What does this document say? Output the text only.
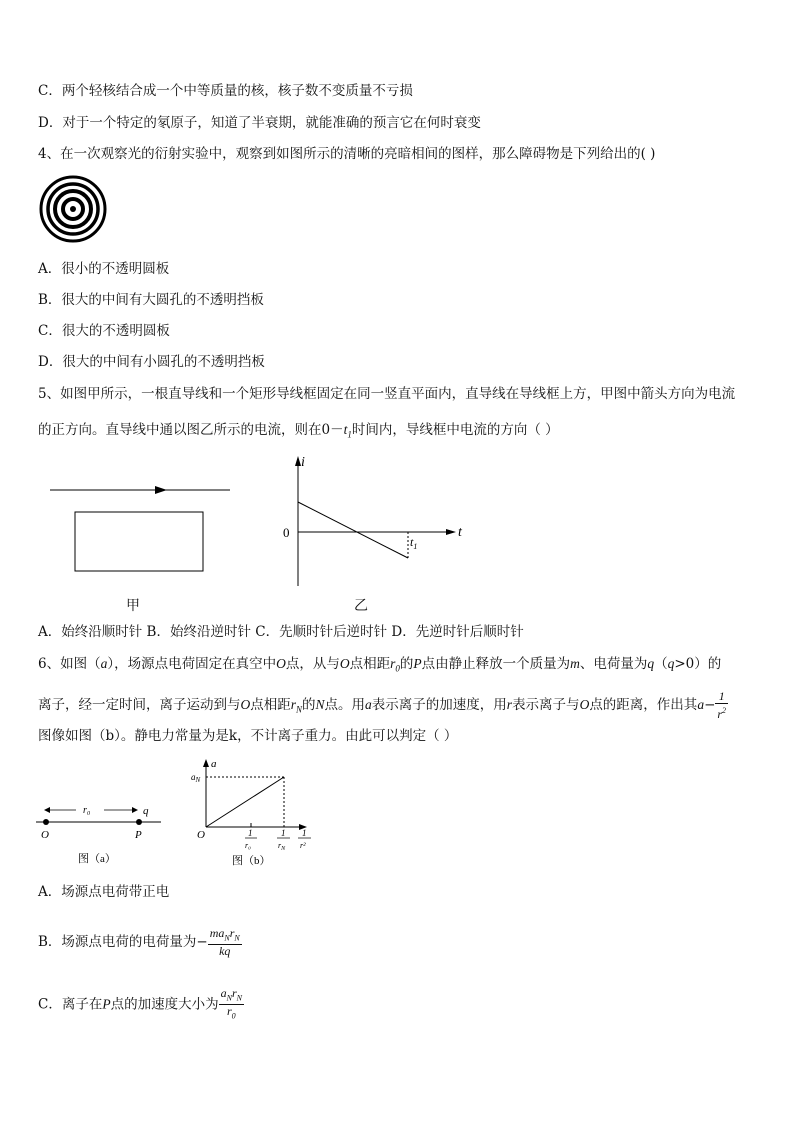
C．两个轻核结合成一个中等质量的核，核子数不变质量不亏损
D．对于一个特定的氡原子，知道了半衰期，就能准确的预言它在何时衰变
4、在一次观察光的衍射实验中，观察到如图所示的清晰的亮暗相间的图样，那么障碍物是下列给出的( )
A．很小的不透明圆板
B．很大的中间有大圆孔的不透明挡板
C．很大的不透明圆板
D．很大的中间有小圆孔的不透明挡板
5、如图甲所示，一根直导线和一个矩形导线框固定在同一竖直平面内，直导线在导线框上方，甲图中箭头方向为电流
的正方向。直导线中通以图乙所示的电流，则在$0-t_1$时间内，导线框中电流的方向（ ）
甲
i
t
0
$t_1$
乙
A．始终沿顺时针 B．始终沿逆时针 C．先顺时针后逆时针 D．先逆时针后顺时针
6、如图（a），场源点电荷固定在真空中O点，从与O点相距$r_0$的P点由静止释放一个质量为m、电荷量为q（q>0）的
离子，经一定时间，离子运动到与O点相距$r_N$的N点。用a表示离子的加速度，用r表示离子与O点的距离，作出其$a- \frac{1}{r^2}$
图像如图（b）。静电力常量为是k，不计离子重力。由此可以判定（ ）
r₀	q
O	P
图（a）
a
$a_N$
O	1
r₀
1
$r_N$
1
r²
图（b）
A．场源点电荷带正电
B．场源点电荷的电荷量为− $\frac{ma_Nr_N}{kq}$
C．离子在P点的加速度大小为 $\frac{a_Nr_N}{r_0}$
